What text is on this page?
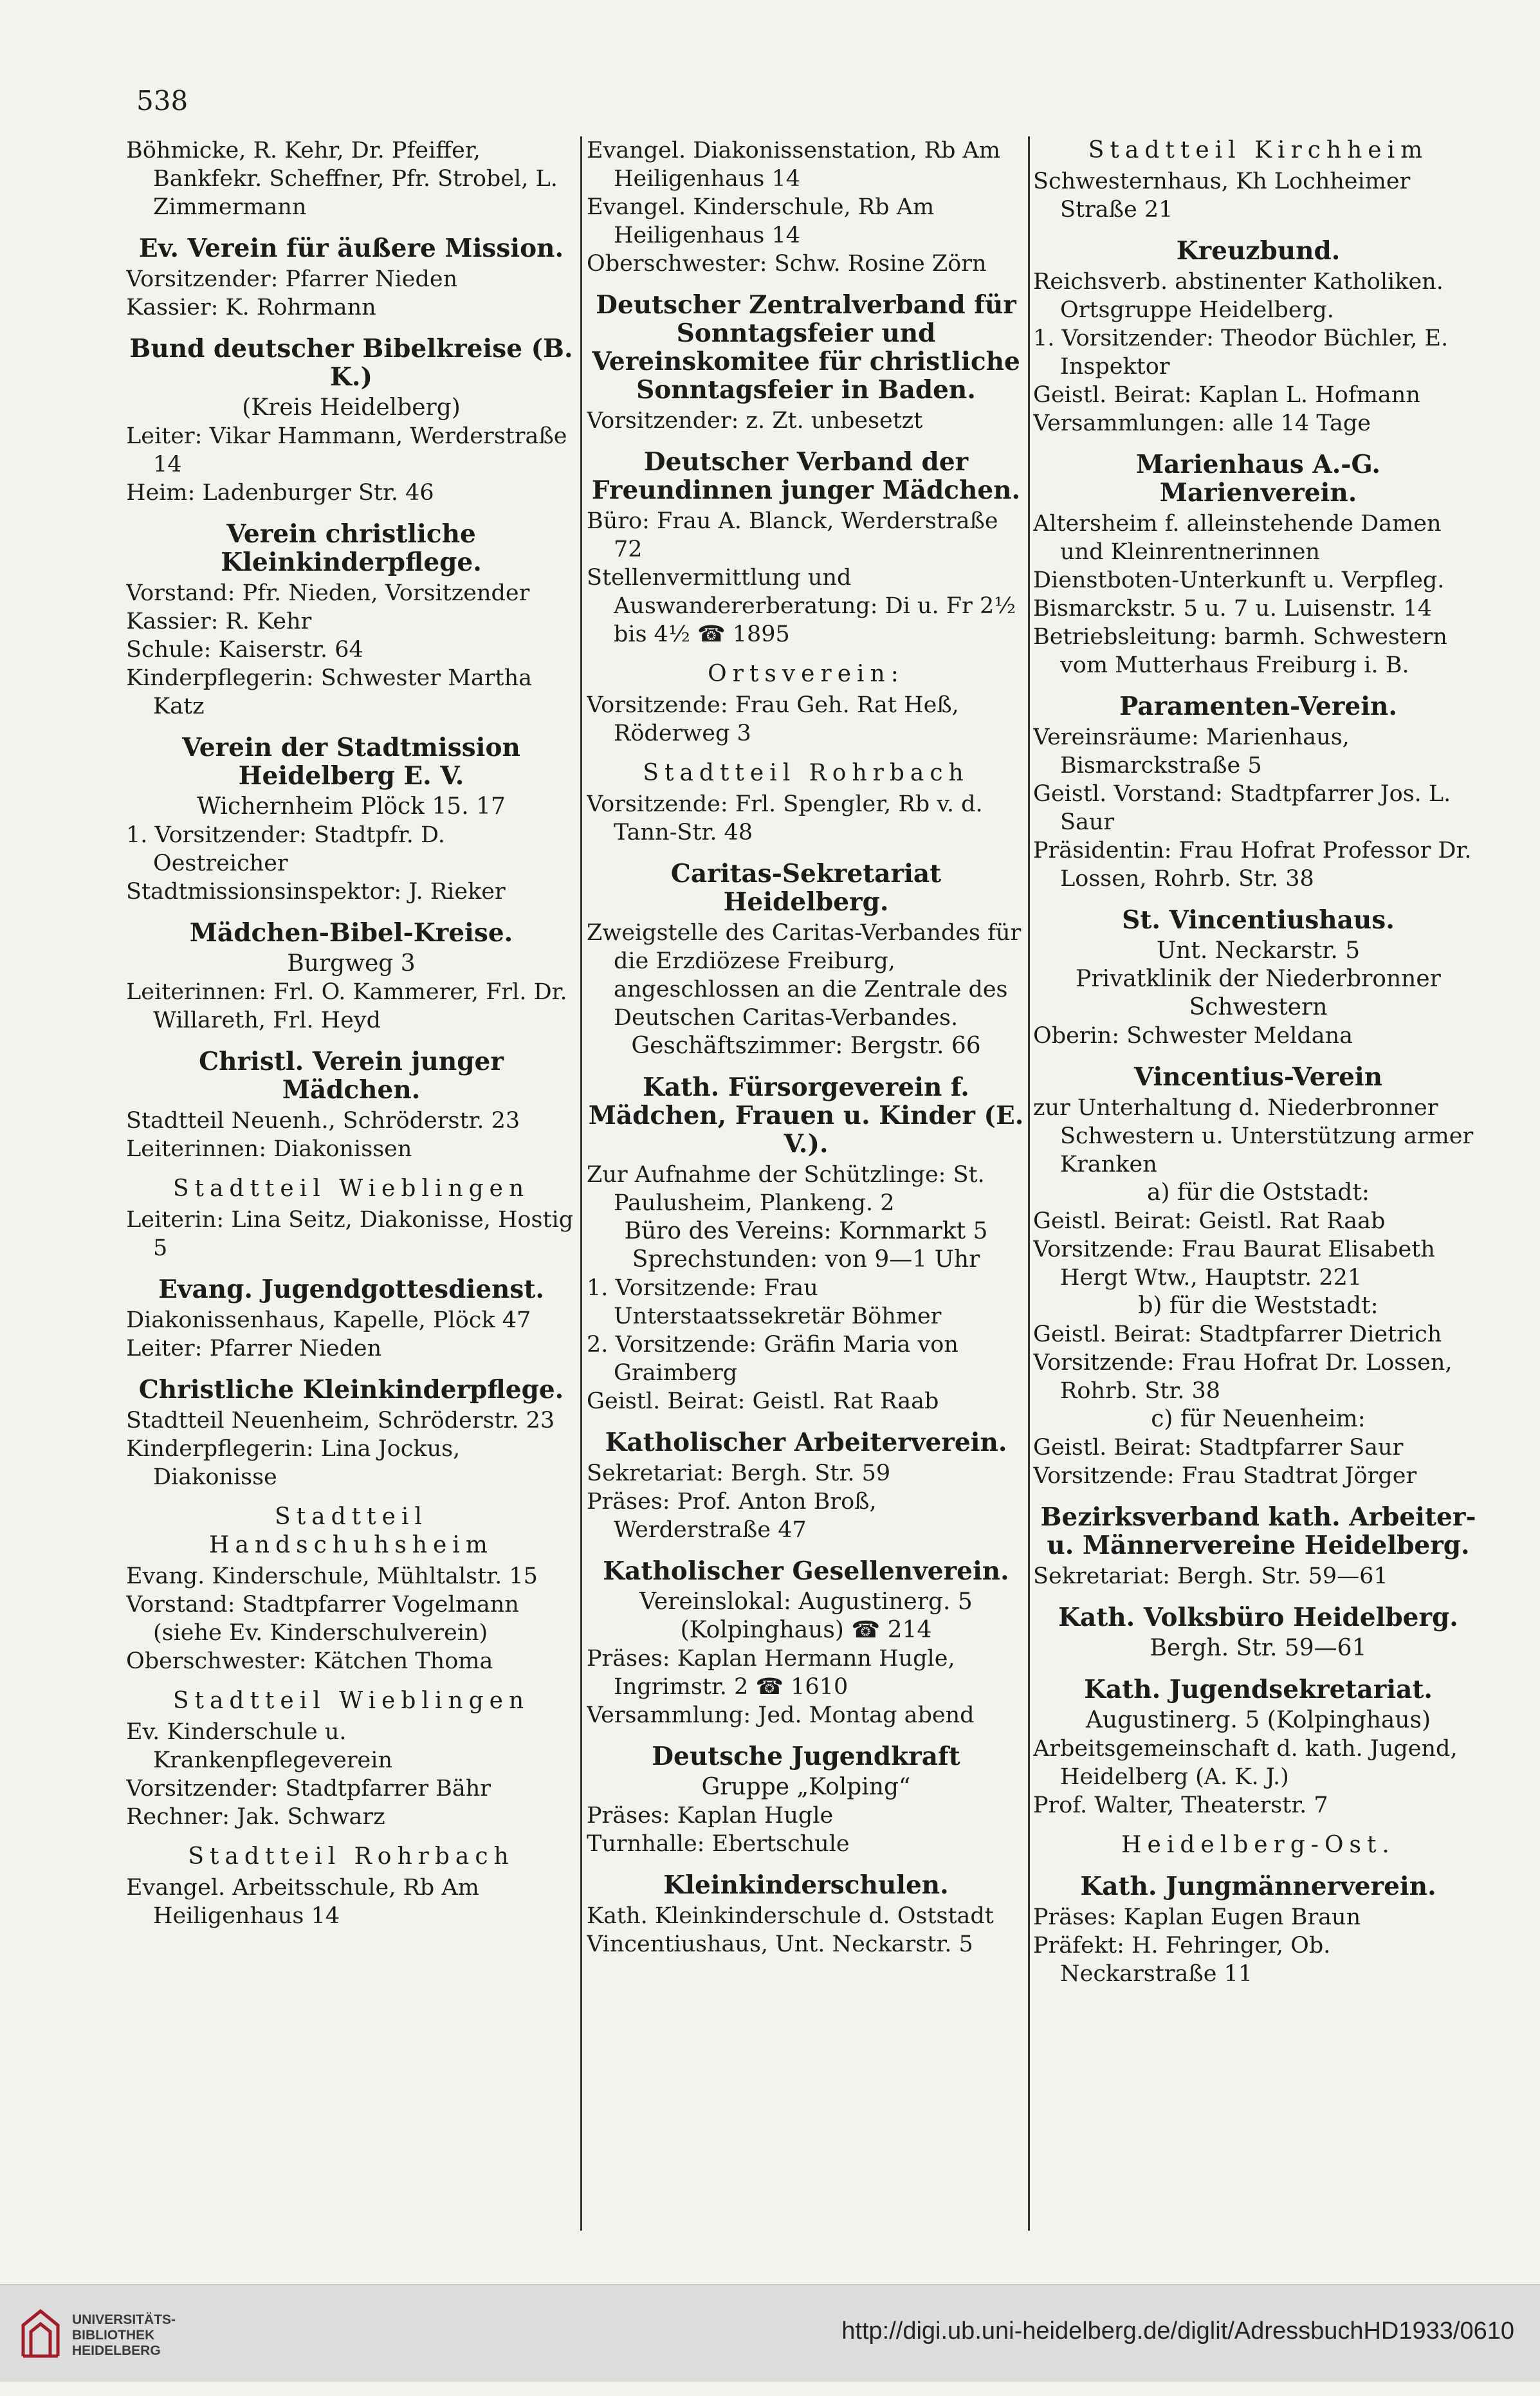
538
Böhmicke, R. Kehr, Dr. Pfeiffer, Bankfekr. Scheffner, Pfr. Strobel, L. Zimmermann
Ev. Verein für äußere Mission.
Vorsitzender: Pfarrer Nieden
Kassier: K. Rohrmann
Bund deutscher Bibelkreise (B. K.)
(Kreis Heidelberg)
Leiter: Vikar Hammann, Werderstraße 14
Heim: Ladenburger Str. 46
Verein christliche Kleinkinderpflege.
Vorstand: Pfr. Nieden, Vorsitzender
Kassier: R. Kehr
Schule: Kaiserstr. 64
Kinderpflegerin: Schwester Martha Katz
Verein der Stadtmission Heidelberg E. V.
Wichernheim Plöck 15. 17
1. Vorsitzender: Stadtpfr. D. Oestreicher
Stadtmissionsinspektor: J. Rieker
Mädchen-Bibel-Kreise.
Burgweg 3
Leiterinnen: Frl. O. Kammerer, Frl. Dr. Willareth, Frl. Heyd
Christl. Verein junger Mädchen.
Stadtteil Neuenh., Schröderstr. 23
Leiterinnen: Diakonissen
Stadtteil Wieblingen
Leiterin: Lina Seitz, Diakonisse, Hostig 5
Evang. Jugendgottesdienst.
Diakonissenhaus, Kapelle, Plöck 47
Leiter: Pfarrer Nieden
Christliche Kleinkinderpflege.
Stadtteil Neuenheim, Schröderstr. 23
Kinderpflegerin: Lina Jockus, Diakonisse
Stadtteil Handschuhsheim
Evang. Kinderschule, Mühltalstr. 15
Vorstand: Stadtpfarrer Vogelmann (siehe Ev. Kinderschulverein)
Oberschwester: Kätchen Thoma
Stadtteil Wieblingen
Ev. Kinderschule u. Krankenpflegeverein
Vorsitzender: Stadtpfarrer Bähr
Rechner: Jak. Schwarz
Stadtteil Rohrbach
Evangel. Arbeitsschule, Rb Am Heiligenhaus 14
Evangel. Diakonissenstation, Rb Am Heiligenhaus 14
Evangel. Kinderschule, Rb Am Heiligenhaus 14
Oberschwester: Schw. Rosine Zörn
Deutscher Zentralverband für Sonntagsfeier und Vereinskomitee für christliche Sonntagsfeier in Baden.
Vorsitzender: z. Zt. unbesetzt
Deutscher Verband der Freundinnen junger Mädchen.
Büro: Frau A. Blanck, Werderstraße 72
Stellenvermittlung und Auswandererberatung: Di u. Fr 2½ bis 4½ ☎ 1895
Ortsverein:
Vorsitzende: Frau Geh. Rat Heß, Röderweg 3
Stadtteil Rohrbach
Vorsitzende: Frl. Spengler, Rb v. d. Tann-Str. 48
Caritas-Sekretariat Heidelberg.
Zweigstelle des Caritas-Verbandes für die Erzdiözese Freiburg, angeschlossen an die Zentrale des Deutschen Caritas-Verbandes.
Geschäftszimmer: Bergstr. 66
Kath. Fürsorgeverein f. Mädchen, Frauen u. Kinder (E. V.).
Zur Aufnahme der Schützlinge: St. Paulusheim, Plankeng. 2
Büro des Vereins: Kornmarkt 5
Sprechstunden: von 9—1 Uhr
1. Vorsitzende: Frau Unterstaatssekretär Böhmer
2. Vorsitzende: Gräfin Maria von Graimberg
Geistl. Beirat: Geistl. Rat Raab
Katholischer Arbeiterverein.
Sekretariat: Bergh. Str. 59
Präses: Prof. Anton Broß, Werderstraße 47
Katholischer Gesellenverein.
Vereinslokal: Augustinerg. 5
(Kolpinghaus) ☎ 214
Präses: Kaplan Hermann Hugle, Ingrimstr. 2 ☎ 1610
Versammlung: Jed. Montag abend
Deutsche Jugendkraft
Gruppe „Kolping“
Präses: Kaplan Hugle
Turnhalle: Ebertschule
Kleinkinderschulen.
Kath. Kleinkinderschule d. Oststadt
Vincentiushaus, Unt. Neckarstr. 5
Stadtteil Kirchheim
Schwesternhaus, Kh Lochheimer Straße 21
Kreuzbund.
Reichsverb. abstinenter Katholiken. Ortsgruppe Heidelberg.
1. Vorsitzender: Theodor Büchler, E. Inspektor
Geistl. Beirat: Kaplan L. Hofmann
Versammlungen: alle 14 Tage
Marienhaus A.-G. Marienverein.
Altersheim f. alleinstehende Damen und Kleinrentnerinnen
Dienstboten-Unterkunft u. Verpfleg.
Bismarckstr. 5 u. 7 u. Luisenstr. 14
Betriebsleitung: barmh. Schwestern vom Mutterhaus Freiburg i. B.
Paramenten-Verein.
Vereinsräume: Marienhaus, Bismarckstraße 5
Geistl. Vorstand: Stadtpfarrer Jos. L. Saur
Präsidentin: Frau Hofrat Professor Dr. Lossen, Rohrb. Str. 38
St. Vincentiushaus.
Unt. Neckarstr. 5
Privatklinik der Niederbronner Schwestern
Oberin: Schwester Meldana
Vincentius-Verein
zur Unterhaltung d. Niederbronner Schwestern u. Unterstützung armer Kranken
a) für die Oststadt:
Geistl. Beirat: Geistl. Rat Raab
Vorsitzende: Frau Baurat Elisabeth Hergt Wtw., Hauptstr. 221
b) für die Weststadt:
Geistl. Beirat: Stadtpfarrer Dietrich
Vorsitzende: Frau Hofrat Dr. Lossen, Rohrb. Str. 38
c) für Neuenheim:
Geistl. Beirat: Stadtpfarrer Saur
Vorsitzende: Frau Stadtrat Jörger
Bezirksverband kath. Arbeiter- u. Männervereine Heidelberg.
Sekretariat: Bergh. Str. 59—61
Kath. Volksbüro Heidelberg.
Bergh. Str. 59—61
Kath. Jugendsekretariat.
Augustinerg. 5 (Kolpinghaus)
Arbeitsgemeinschaft d. kath. Jugend, Heidelberg (A. K. J.)
Prof. Walter, Theaterstr. 7
Heidelberg-Ost.
Kath. Jungmännerverein.
Präses: Kaplan Eugen Braun
Präfekt: H. Fehringer, Ob. Neckarstraße 11
UNIVERSITÄTS-
BIBLIOTHEK
HEIDELBERG
http://digi.ub.uni-heidelberg.de/diglit/AdressbuchHD1933/0610
